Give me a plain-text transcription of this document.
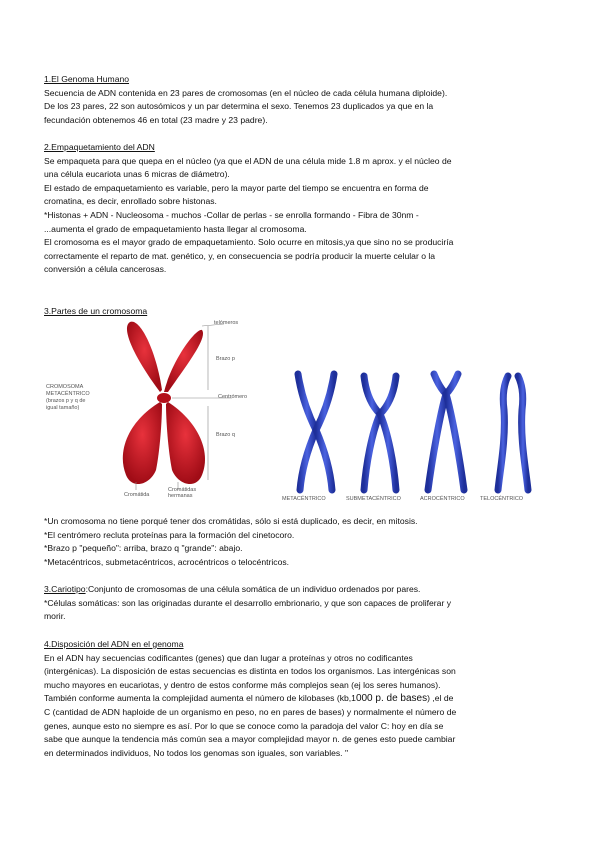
1.El Genoma Humano
Secuencia de ADN contenida en 23 pares de cromosomas (en el núcleo de cada célula humana diploide).
De los 23 pares, 22 son autosómicos y un par determina el sexo. Tenemos 23 duplicados ya que en la
fecundación obtenemos 46 en total (23 madre y 23 padre).
2.Empaquetamiento del ADN
Se empaqueta para que quepa en el núcleo (ya que el ADN de una célula mide 1.8 m aprox. y el núcleo de
una célula eucariota unas 6 micras de diámetro).
El estado de empaquetamiento es variable, pero la mayor parte del tiempo se encuentra en forma de
cromatina, es decir, enrollado sobre histonas.
*Histonas + ADN - Nucleosoma - muchos -Collar de perlas - se enrolla formando - Fibra de 30nm -
...aumenta el grado de empaquetamiento hasta llegar al cromosoma.
El cromosoma es el mayor grado de empaquetamiento. Solo ocurre en mitosis,ya que sino no se produciría
correctamente el reparto de mat. genético, y, en consecuencia se podría producir la muerte celular o la
conversión a célula cancerosas.
3.Partes de un cromosoma
CROMOSOMA
METACÉNTRICO
(brazos p y q de
igual tamaño)
telómeros
Brazo p
Centrómero
Brazo q
Cromátida
Cromátidas
hermanas	METACÉNTRICO	SUBMETACÉNTRICO	ACROCÉNTRICO	TELOCÉNTRICO
*Un cromosoma no tiene porqué tener dos cromátidas, sólo si está duplicado, es decir, en mitosis.
*El centrómero recluta proteínas para la formación del cinetocoro.
*Brazo p "pequeño": arriba, brazo q "grande": abajo.
*Metacéntricos, submetacéntricos, acrocéntricos o telocéntricos.
3.Cariotipo:Conjunto de cromosomas de una célula somática de un individuo ordenados por pares.
*Células somáticas: son las originadas durante el desarrollo embrionario, y que son capaces de proliferar y
morir.
4.Disposición del ADN en el genoma
En el ADN hay secuencias codificantes (genes) que dan lugar a proteínas y otros no codificantes
(intergénicas). La disposición de estas secuencias es distinta en todos los organismos. Las intergénicas son
mucho mayores en eucariotas, y dentro de estos conforme más complejos sean (ej los seres humanos).
También conforme aumenta la complejidad aumenta el número de kilobases (kb,1000 p. de bases) ,el de
C (cantidad de ADN haploide de un organismo en peso, no en pares de bases) y normalmente el número de
genes, aunque esto no siempre es así. Por lo que se conoce como la paradoja del valor C: hoy en día se
sabe que aunque la tendencia más común sea a mayor complejidad mayor n. de genes esto puede cambiar
en determinados individuos, No todos los genomas son iguales, son variables. "
